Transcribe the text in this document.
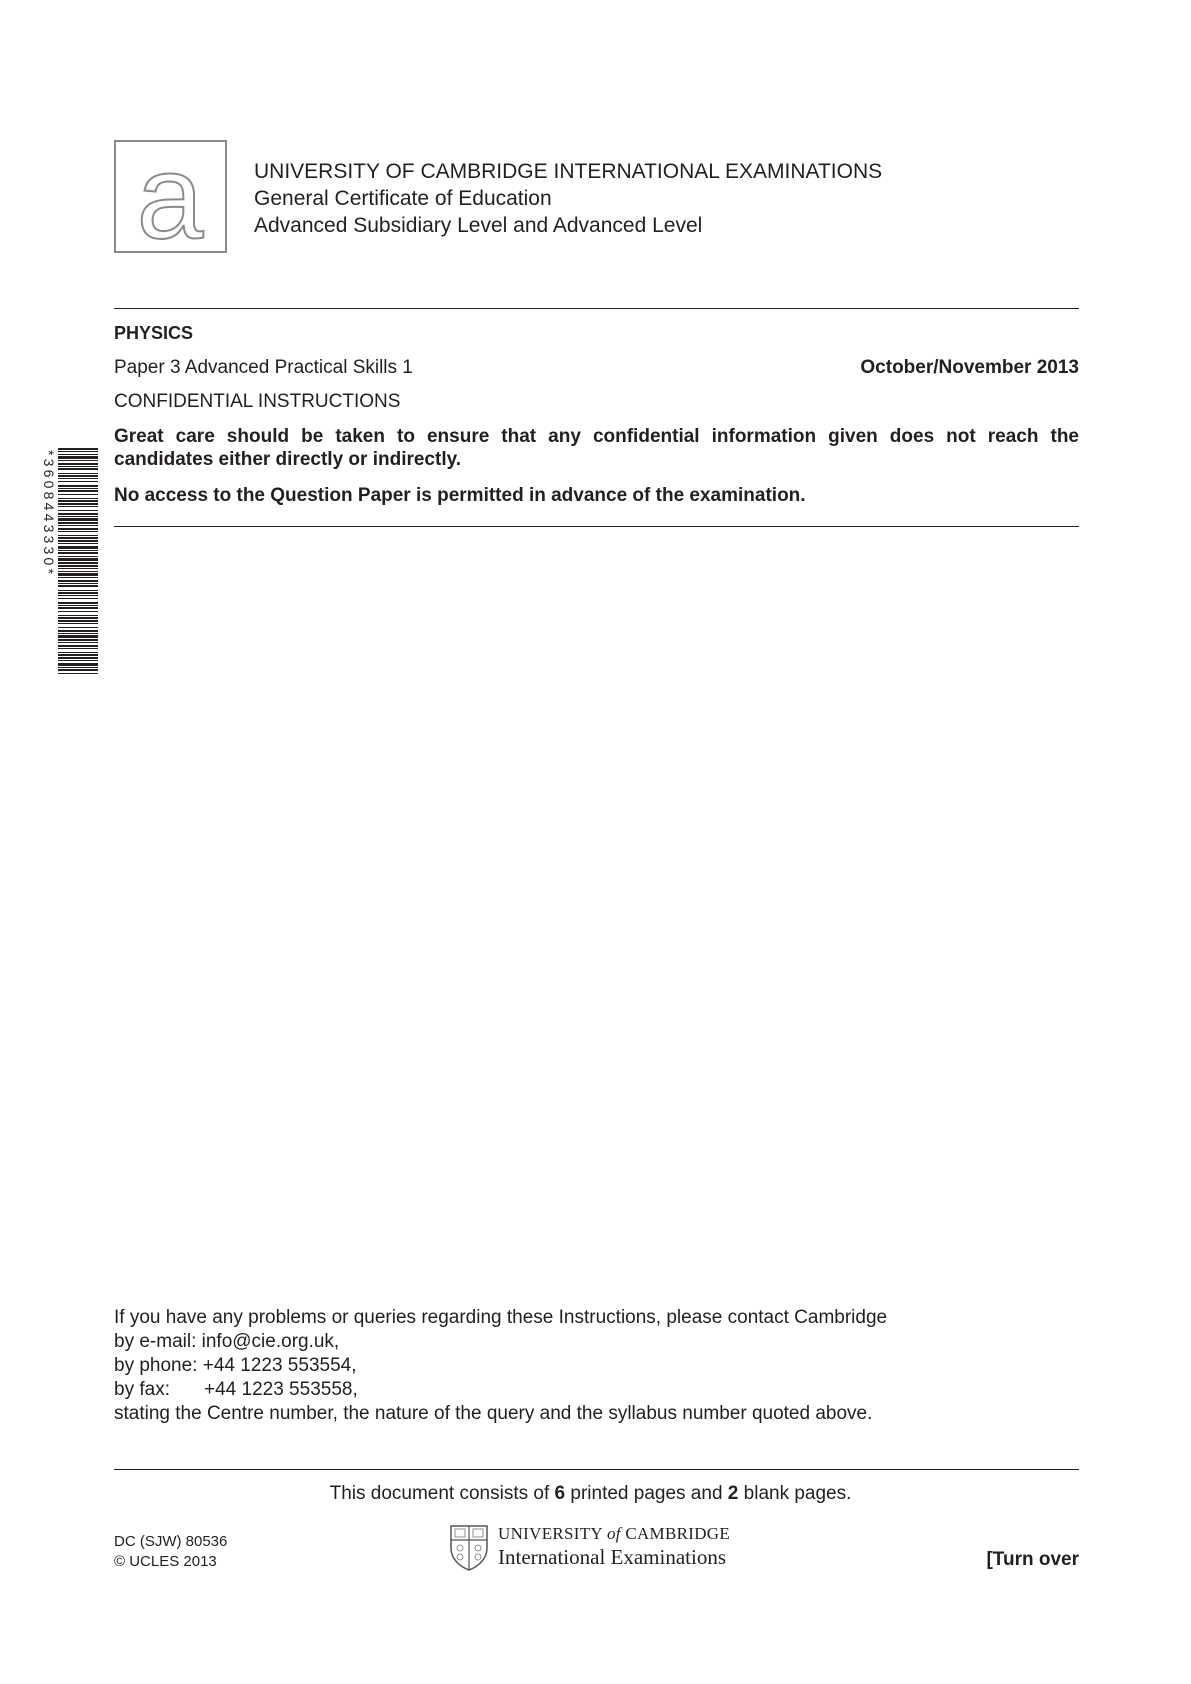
a UNIVERSITY OF CAMBRIDGE INTERNATIONAL EXAMINATIONS
General Certificate of Education
Advanced Subsidiary Level and Advanced Level
PHYSICS
Paper 3 Advanced Practical Skills 1	October/November 2013
CONFIDENTIAL INSTRUCTIONS
Great care should be taken to ensure that any confidential information given does not reach the candidates either directly or indirectly.
No access to the Question Paper is permitted in advance of the examination.
*3608443330*
If you have any problems or queries regarding these Instructions, please contact Cambridge
by e-mail: info@cie.org.uk,
by phone: +44 1223 553554,
by fax: +44 1223 553558,
stating the Centre number, the nature of the query and the syllabus number quoted above.
This document consists of 6 printed pages and 2 blank pages.
DC (SJW) 80536
© UCLES 2013
UNIVERSITY of CAMBRIDGE
International Examinations	[Turn over
